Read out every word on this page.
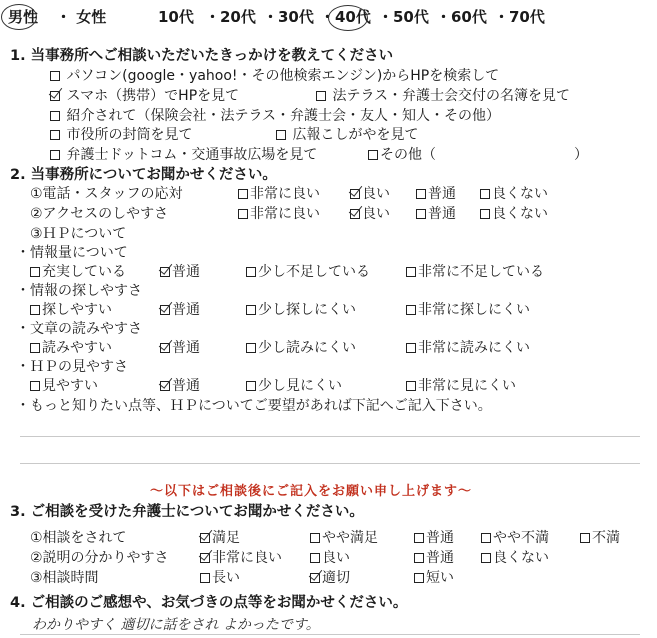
男性 ・ 女性	10代 ・20代 ・30代 ・40代 ・50代 ・60代 ・70代
1. 当事務所へご相談いただいたきっかけを教えてください
パソコン(google・yahoo!・その他検索エンジン)からHPを検索して
スマホ（携帯）でHPを見て	法テラス・弁護士会交付の名簿を見て
紹介されて（保険会社・法テラス・弁護士会・友人・知人・その他）
市役所の封筒を見て	広報こしがやを見て
弁護士ドットコム・交通事故広場を見て	その他（	）
2. 当事務所についてお聞かせください。
①電話・スタッフの応対	非常に良い	良い	普通	良くない
②アクセスのしやすさ	非常に良い	良い	普通	良くない
③ＨＰについて
・情報量について
充実している	普通	少し不足している	非常に不足している
・情報の探しやすさ
探しやすい	普通	少し探しにくい	非常に探しにくい
・文章の読みやすさ
読みやすい	普通	少し読みにくい	非常に読みにくい
・ＨＰの見やすさ
見やすい	普通	少し見にくい	非常に見にくい
・もっと知りたい点等、ＨＰについてご要望があれば下記へご記入下さい。
～以下はご相談後にご記入をお願い申し上げます～
3. ご相談を受けた弁護士についてお聞かせください。
①相談をされて	満足	やや満足	普通	やや不満	不満
②説明の分かりやすさ	非常に良い	良い	普通	良くない
③相談時間	長い	適切	短い
4. ご相談のご感想や、お気づきの点等をお聞かせください。
わかりやすく 適切に話をされ よかったです。
